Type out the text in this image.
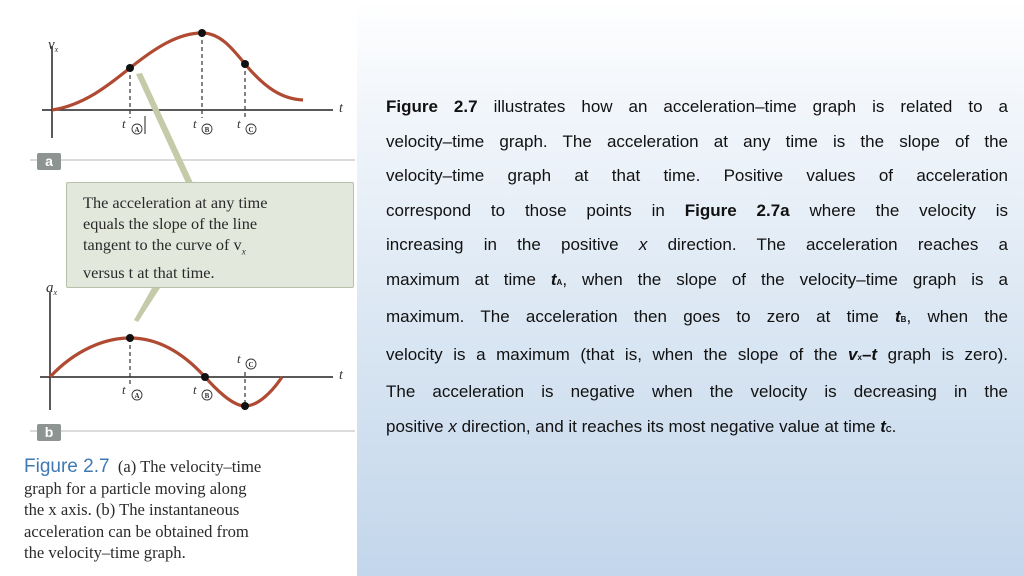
$v_x$
t
t A	t B t C
$a_x$
t
t A	t B
t C
a
b
The acceleration at any time
equals the slope of the line
tangent to the curve of $v_x$
versus t at that time.
Figure 2.7 (a) The velocity–time
graph for a particle moving along
the x axis. (b) The instantaneous
acceleration can be obtained from
the velocity–time graph.
Figure 2.7 illustrates how an acceleration–time graph is related to a
velocity–time graph. The acceleration at any time is the slope of the
velocity–time graph at that time. Positive values of acceleration
correspond to those points in Figure 2.7a where the velocity is
increasing in the positive x direction. The acceleration reaches a
maximum at time tA, when the slope of the velocity–time graph is a
maximum. The acceleration then goes to zero at time tB, when the
velocity is a maximum (that is, when the slope of the vx–t graph is zero).
The acceleration is negative when the velocity is decreasing in the
positive x direction, and it reaches its most negative value at time tC.
